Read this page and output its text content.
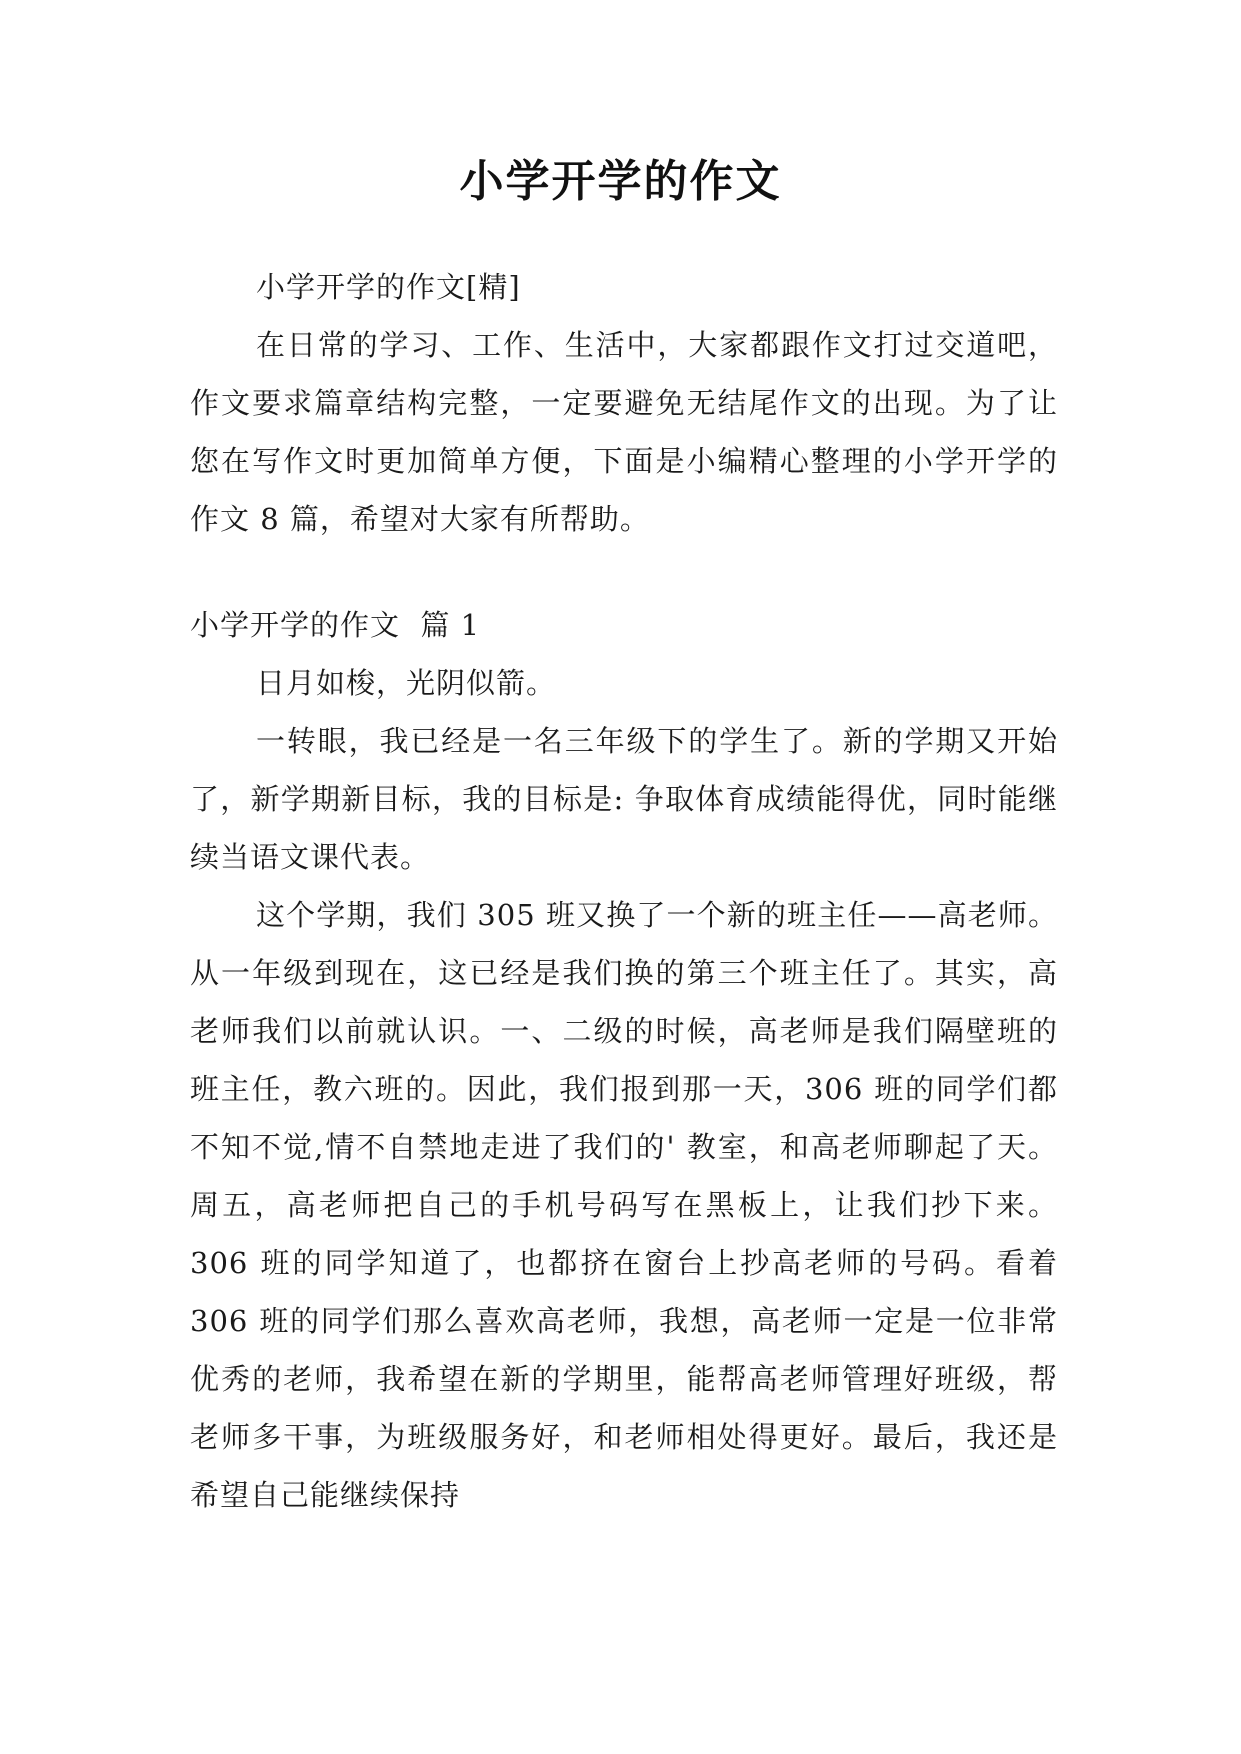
小学开学的作文

小学开学的作文[精]

在日常的学习、工作、生活中，大家都跟作文打过交道吧，作文要求篇章结构完整，一定要避免无结尾作文的出现。为了让您在写作文时更加简单方便，下面是小编精心整理的小学开学的作文 8 篇，希望对大家有所帮助。

小学开学的作文  篇 1

日月如梭，光阴似箭。

一转眼，我已经是一名三年级下的学生了。新的学期又开始了，新学期新目标，我的目标是: 争取体育成绩能得优，同时能继续当语文课代表。

这个学期，我们 305 班又换了一个新的班主任——高老师。从一年级到现在，这已经是我们换的第三个班主任了。其实，高老师我们以前就认识。一、二级的时候，高老师是我们隔壁班的班主任，教六班的。因此，我们报到那一天，306 班的同学们都不知不觉,情不自禁地走进了我们的' 教室，和高老师聊起了天。周五，高老师把自己的手机号码写在黑板上，让我们抄下来。306 班的同学知道了，也都挤在窗台上抄高老师的号码。看着 306 班的同学们那么喜欢高老师，我想，高老师一定是一位非常优秀的老师，我希望在新的学期里，能帮高老师管理好班级，帮老师多干事，为班级服务好，和老师相处得更好。最后，我还是希望自己能继续保持
